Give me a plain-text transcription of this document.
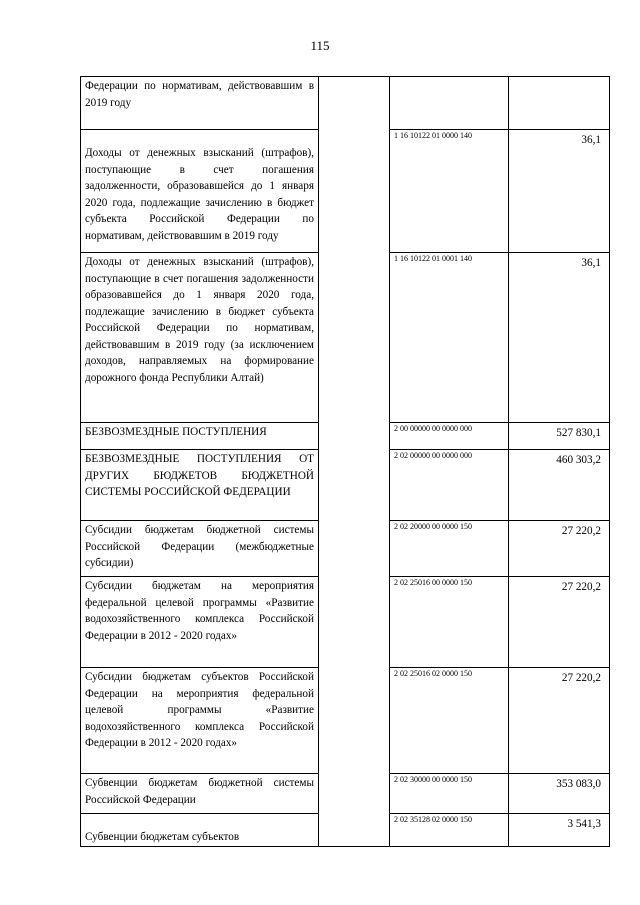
115
Федерации по нормативам, действовавшим в 2019 году			

Доходы от денежных взысканий (штрафов), поступающие в счет погашения задолженности, образовавшейся до 1 января 2020 года, подлежащие зачислению в бюджет субъекта Российской Федерации по нормативам, действовавшим в 2019 году		1 16 10122 01 0000 140	36,1
Доходы от денежных взысканий (штрафов), поступающие в счет погашения задолженности образовавшейся до 1 января 2020 года, подлежащие зачислению в бюджет субъекта Российской Федерации по нормативам, действовавшим в 2019 году (за исключением доходов, направляемых на формирование дорожного фонда Республики Алтай)		1 16 10122 01 0001 140	36,1
БЕЗВОЗМЕЗДНЫЕ ПОСТУПЛЕНИЯ		2 00 00000 00 0000 000	527 830,1
БЕЗВОЗМЕЗДНЫЕ ПОСТУПЛЕНИЯ ОТ ДРУГИХ БЮДЖЕТОВ БЮДЖЕТНОЙ СИСТЕМЫ РОССИЙСКОЙ ФЕДЕРАЦИИ		2 02 00000 00 0000 000	460 303,2
Субсидии бюджетам бюджетной системы Российской Федерации (межбюджетные субсидии)		2 02 20000 00 0000 150	27 220,2
Субсидии бюджетам на мероприятия федеральной целевой программы «Развитие водохозяйственного комплекса Российской Федерации в 2012 - 2020 годах»		2 02 25016 00 0000 150	27 220,2
Субсидии бюджетам субъектов Российской Федерации на мероприятия федеральной целевой программы «Развитие водохозяйственного комплекса Российской Федерации в 2012 - 2020 годах»		2 02 25016 02 0000 150	27 220,2
Субвенции бюджетам бюджетной системы Российской Федерации		2 02 30000 00 0000 150	353 083,0

Субвенции бюджетам субъектов		2 02 35128 02 0000 150	3 541,3
